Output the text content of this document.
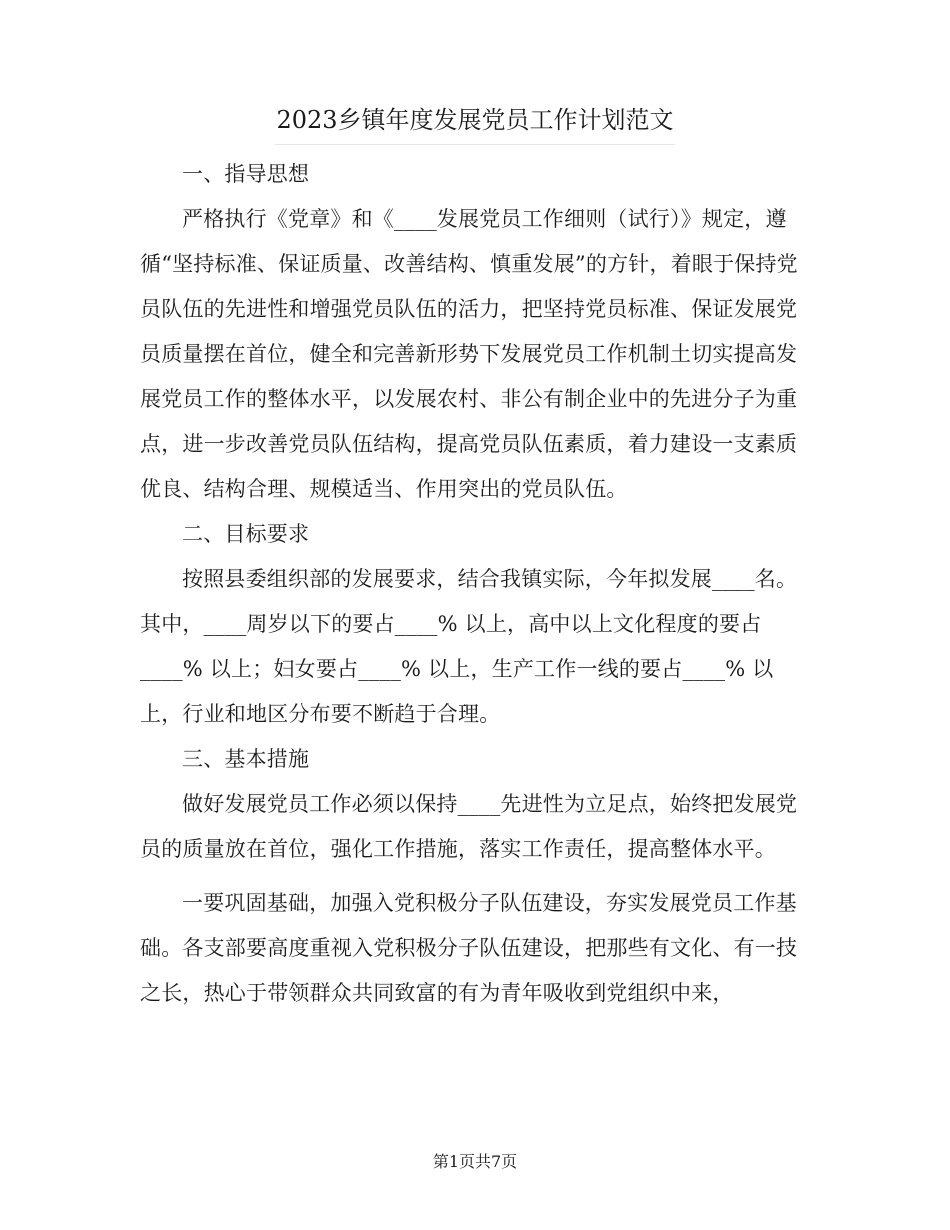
2023乡镇年度发展党员工作计划范文

一、指导思想

严格执行《党章》和《____发展党员工作细则（试行）》规定，遵循“坚持标准、保证质量、改善结构、慎重发展”的方针，着眼于保持党员队伍的先进性和增强党员队伍的活力，把坚持党员标准、保证发展党员质量摆在首位，健全和完善新形势下发展党员工作机制土切实提高发展党员工作的整体水平，以发展农村、非公有制企业中的先进分子为重点，进一步改善党员队伍结构，提高党员队伍素质，着力建设一支素质优良、结构合理、规模适当、作用突出的党员队伍。

二、目标要求

按照县委组织部的发展要求，结合我镇实际，今年拟发展____名。其中，____周岁以下的要占____% 以上，高中以上文化程度的要占____% 以上；妇女要占____% 以上，生产工作一线的要占____% 以上，行业和地区分布要不断趋于合理。

三、基本措施

做好发展党员工作必须以保持____先进性为立足点，始终把发展党员的质量放在首位，强化工作措施，落实工作责任，提高整体水平。

一要巩固基础，加强入党积极分子队伍建设，夯实发展党员工作基础。各支部要高度重视入党积极分子队伍建设，把那些有文化、有一技之长，热心于带领群众共同致富的有为青年吸收到党组织中来，

第1页共7页
